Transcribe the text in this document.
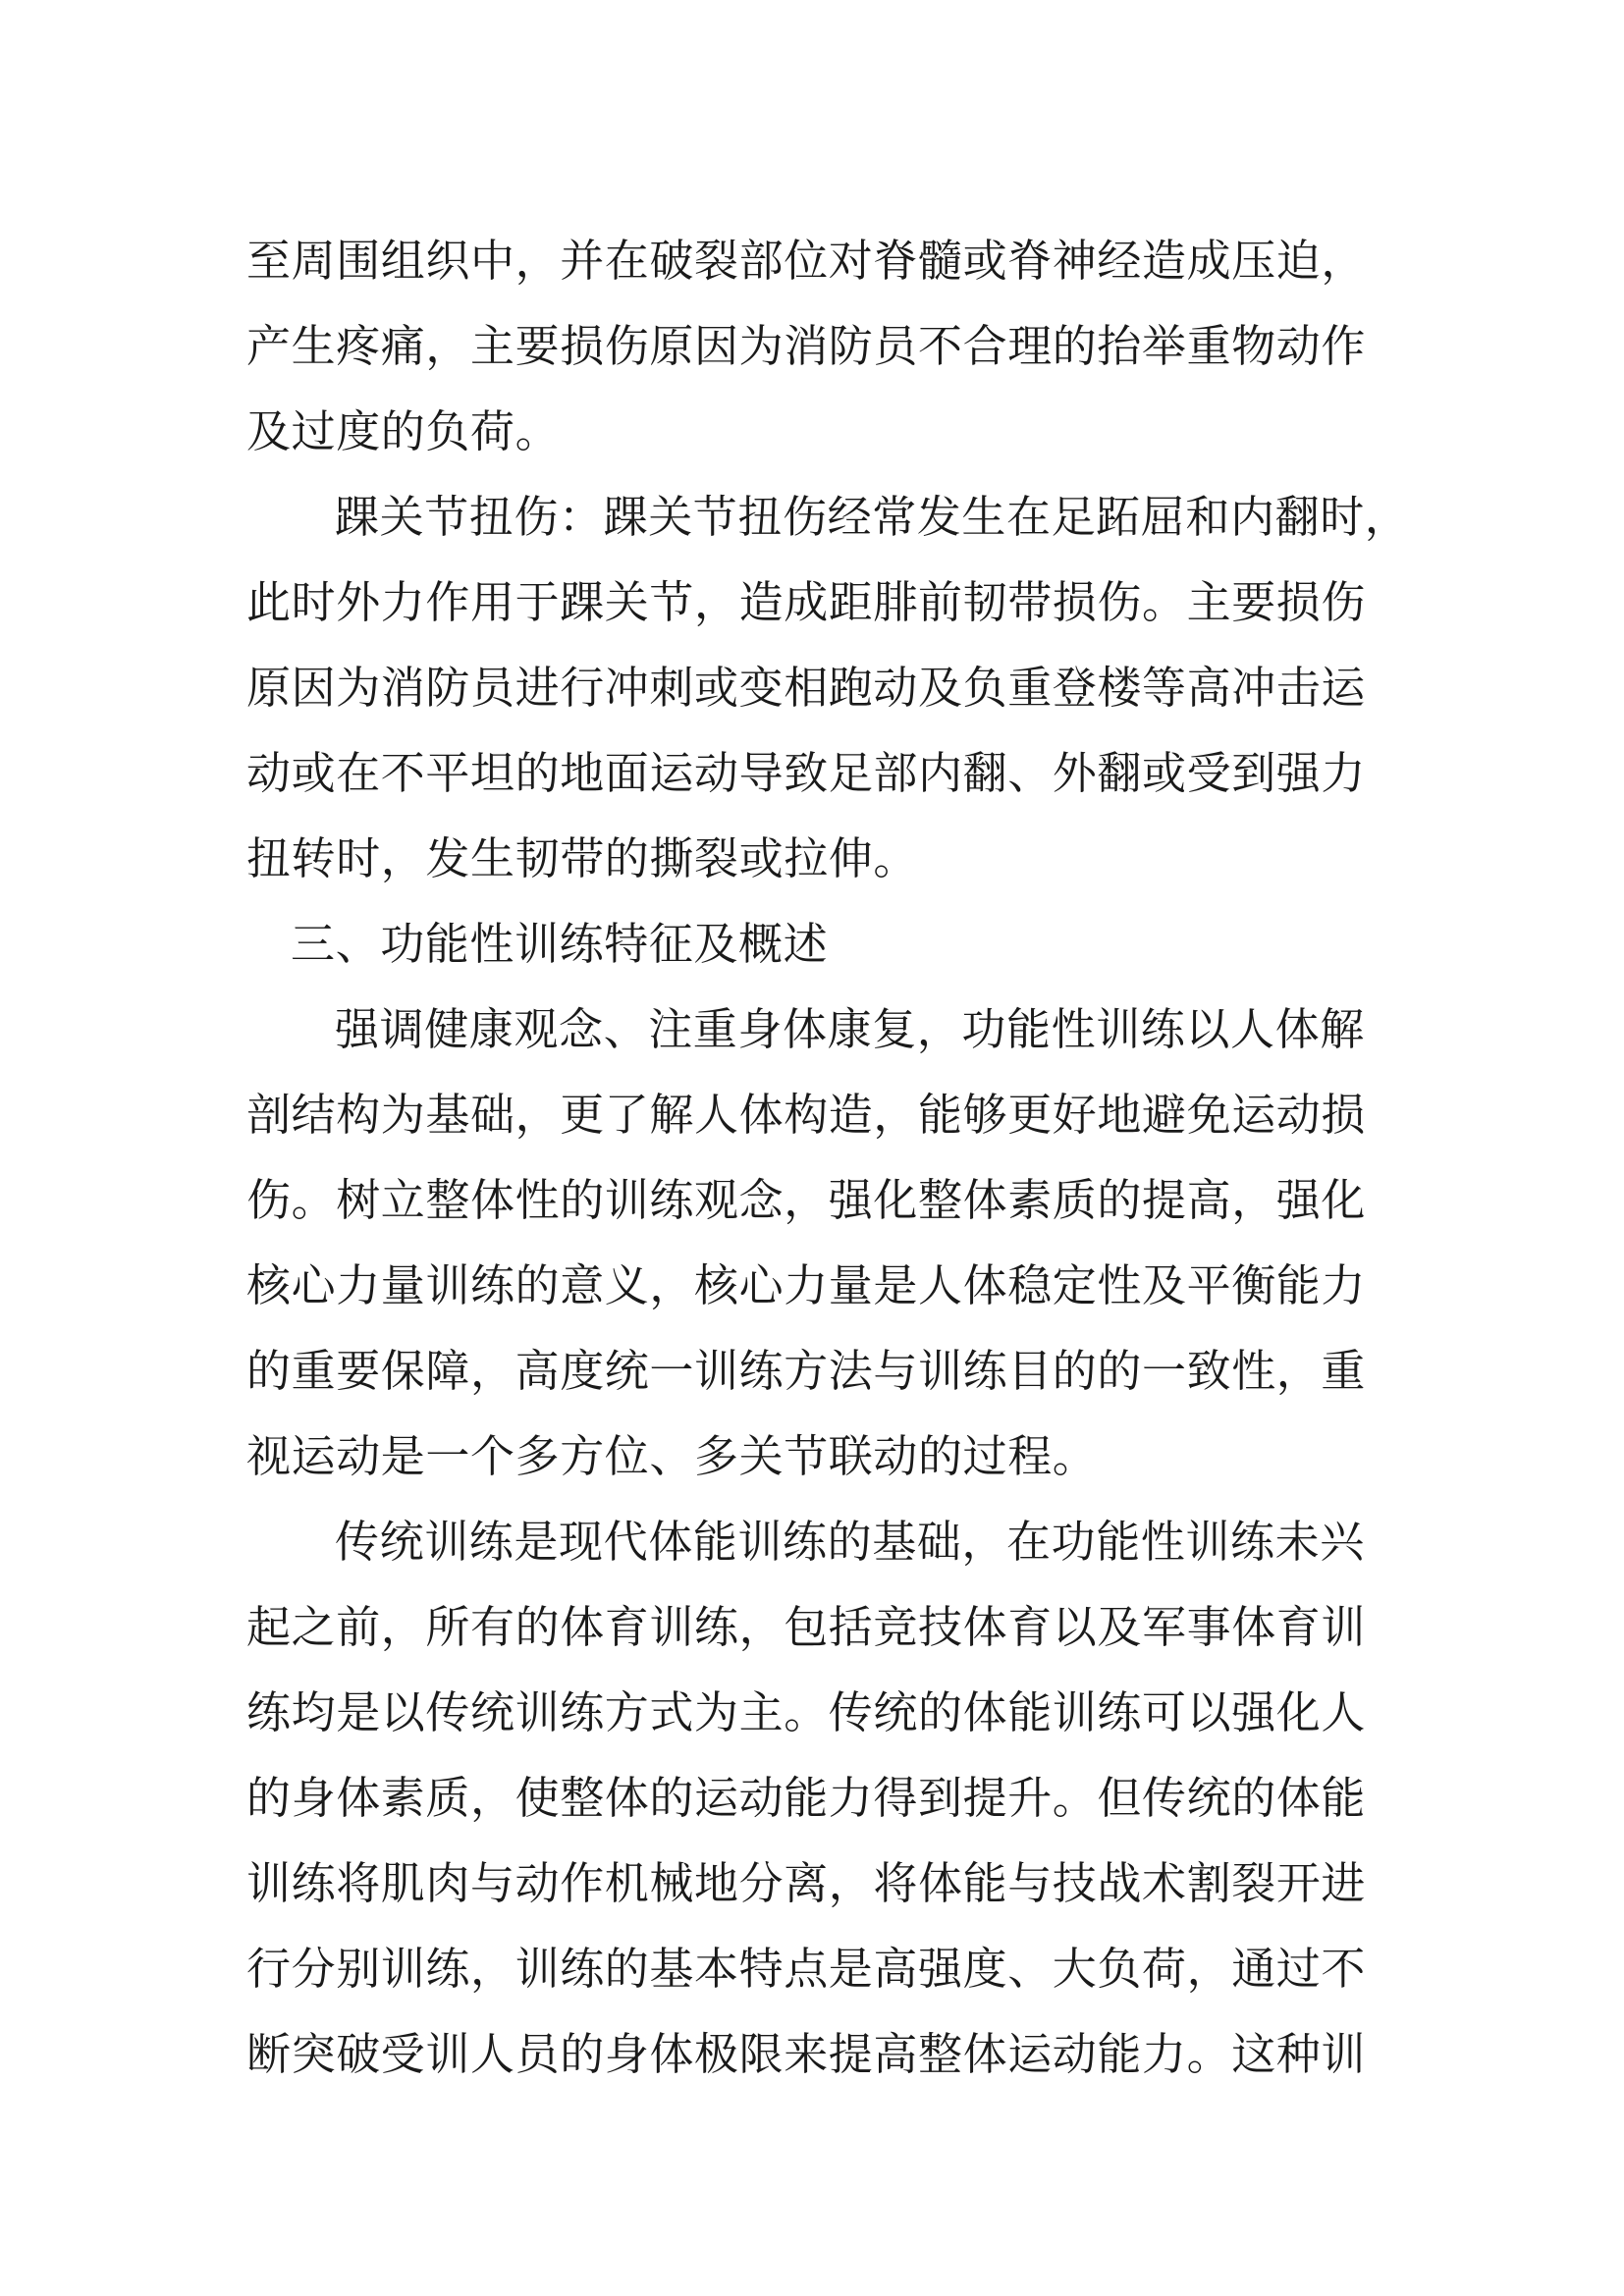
至周围组织中，并在破裂部位对脊髓或脊神经造成压迫，
产生疼痛，主要损伤原因为消防员不合理的抬举重物动作
及过度的负荷。
踝关节扭伤：踝关节扭伤经常发生在足跖屈和内翻时，
此时外力作用于踝关节，造成距腓前韧带损伤。主要损伤
原因为消防员进行冲刺或变相跑动及负重登楼等高冲击运
动或在不平坦的地面运动导致足部内翻、外翻或受到强力
扭转时，发生韧带的撕裂或拉伸。
三、功能性训练特征及概述
强调健康观念、注重身体康复，功能性训练以人体解
剖结构为基础，更了解人体构造，能够更好地避免运动损
伤。树立整体性的训练观念，强化整体素质的提高，强化
核心力量训练的意义，核心力量是人体稳定性及平衡能力
的重要保障，高度统一训练方法与训练目的的一致性，重
视运动是一个多方位、多关节联动的过程。
传统训练是现代体能训练的基础，在功能性训练未兴
起之前，所有的体育训练，包括竞技体育以及军事体育训
练均是以传统训练方式为主。传统的体能训练可以强化人
的身体素质，使整体的运动能力得到提升。但传统的体能
训练将肌肉与动作机械地分离，将体能与技战术割裂开进
行分别训练，训练的基本特点是高强度、大负荷，通过不
断突破受训人员的身体极限来提高整体运动能力。这种训
